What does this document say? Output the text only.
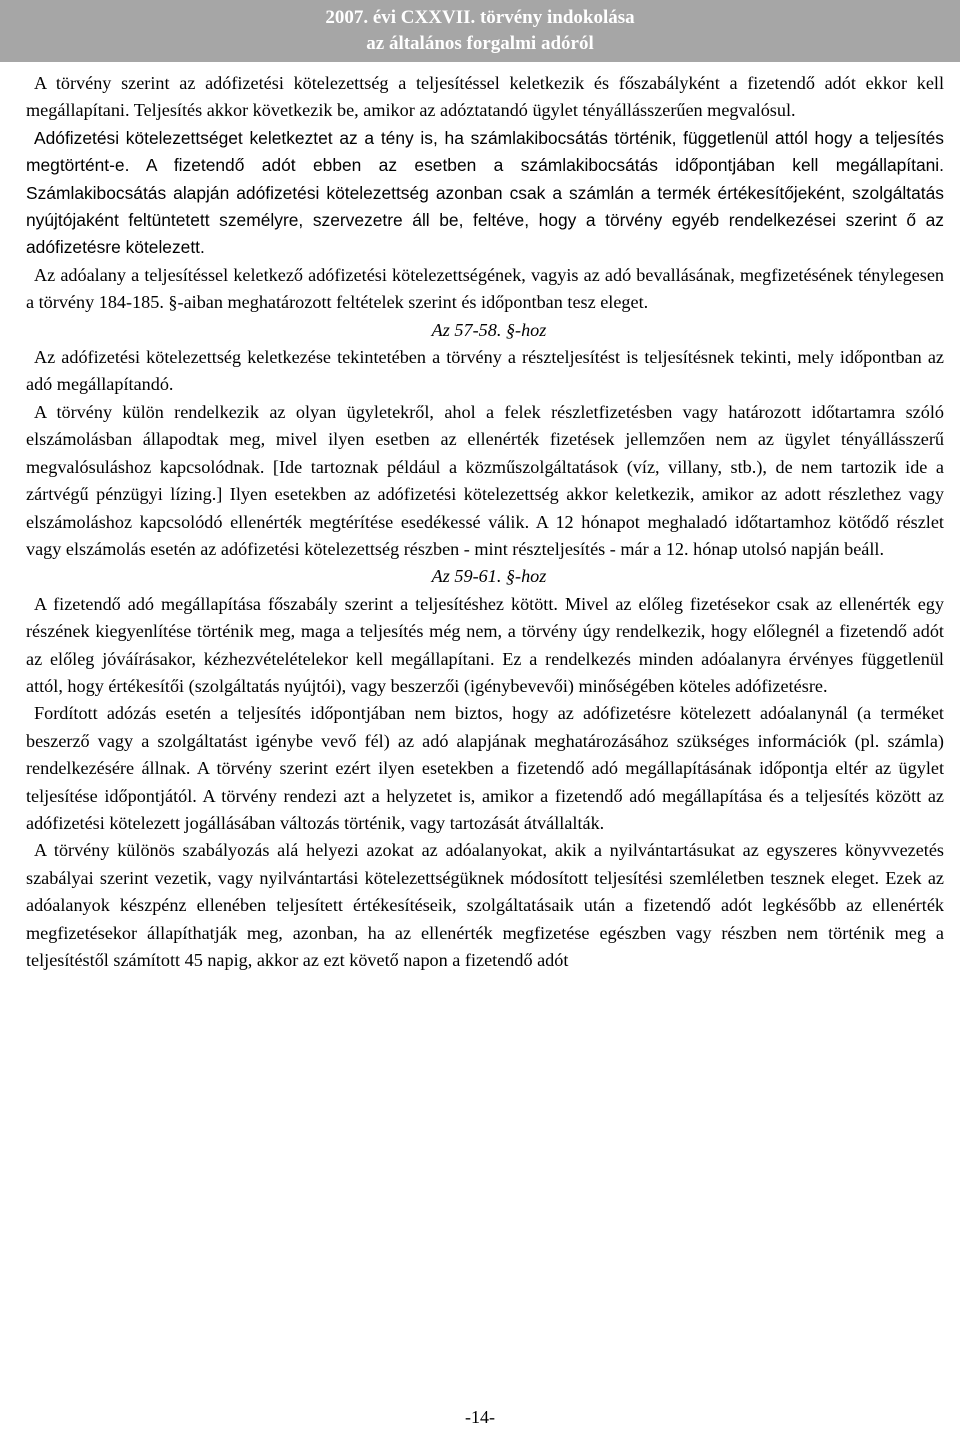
2007. évi CXXVII. törvény indokolása
az általános forgalmi adóról

A törvény szerint az adófizetési kötelezettség a teljesítéssel keletkezik és főszabályként a fizetendő adót ekkor kell megállapítani. Teljesítés akkor következik be, amikor az adóztatandó ügylet tényállásszerűen megvalósul.

Adófizetési kötelezettséget keletkeztet az a tény is, ha számlakibocsátás történik, függetlenül attól hogy a teljesítés megtörtént-e. A fizetendő adót ebben az esetben a számlakibocsátás időpontjában kell megállapítani. Számlakibocsátás alapján adófizetési kötelezettség azonban csak a számlán a termék értékesítőjeként, szolgáltatás nyújtójaként feltüntetett személyre, szervezetre áll be, feltéve, hogy a törvény egyéb rendelkezései szerint ő az adófizetésre kötelezett.

Az adóalany a teljesítéssel keletkező adófizetési kötelezettségének, vagyis az adó bevallásának, megfizetésének ténylegesen a törvény 184-185. §-aiban meghatározott feltételek szerint és időpontban tesz eleget.

Az 57-58. §-hoz

Az adófizetési kötelezettség keletkezése tekintetében a törvény a részteljesítést is teljesítésnek tekinti, mely időpontban az adó megállapítandó.

A törvény külön rendelkezik az olyan ügyletekről, ahol a felek részletfizetésben vagy határozott időtartamra szóló elszámolásban állapodtak meg, mivel ilyen esetben az ellenérték fizetések jellemzően nem az ügylet tényállásszerű megvalósuláshoz kapcsolódnak. [Ide tartoznak például a közműszolgáltatások (víz, villany, stb.), de nem tartozik ide a zártvégű pénzügyi lízing.] Ilyen esetekben az adófizetési kötelezettség akkor keletkezik, amikor az adott részlethez vagy elszámoláshoz kapcsolódó ellenérték megtérítése esedékessé válik. A 12 hónapot meghaladó időtartamhoz kötődő részlet vagy elszámolás esetén az adófizetési kötelezettség részben - mint részteljesítés - már a 12. hónap utolsó napján beáll.

Az 59-61. §-hoz

A fizetendő adó megállapítása főszabály szerint a teljesítéshez kötött. Mivel az előleg fizetésekor csak az ellenérték egy részének kiegyenlítése történik meg, maga a teljesítés még nem, a törvény úgy rendelkezik, hogy előlegnél a fizetendő adót az előleg jóváírásakor, kézhezvételételekor kell megállapítani. Ez a rendelkezés minden adóalanyra érvényes függetlenül attól, hogy értékesítői (szolgáltatás nyújtói), vagy beszerzői (igénybevevői) minőségében köteles adófizetésre.

Fordított adózás esetén a teljesítés időpontjában nem biztos, hogy az adófizetésre kötelezett adóalanynál (a terméket beszerző vagy a szolgáltatást igénybe vevő fél) az adó alapjának meghatározásához szükséges információk (pl. számla) rendelkezésére állnak. A törvény szerint ezért ilyen esetekben a fizetendő adó megállapításának időpontja eltér az ügylet teljesítése időpontjától. A törvény rendezi azt a helyzetet is, amikor a fizetendő adó megállapítása és a teljesítés között az adófizetési kötelezett jogállásában változás történik, vagy tartozását átvállalták.

A törvény különös szabályozás alá helyezi azokat az adóalanyokat, akik a nyilvántartásukat az egyszeres könyvvezetés szabályai szerint vezetik, vagy nyilvántartási kötelezettségüknek módosított teljesítési szemléletben tesznek eleget. Ezek az adóalanyok készpénz ellenében teljesített értékesítéseik, szolgáltatásaik után a fizetendő adót legkésőbb az ellenérték megfizetésekor állapíthatják meg, azonban, ha az ellenérték megfizetése egészben vagy részben nem történik meg a teljesítéstől számított 45 napig, akkor az ezt követő napon a fizetendő adót

-14-
